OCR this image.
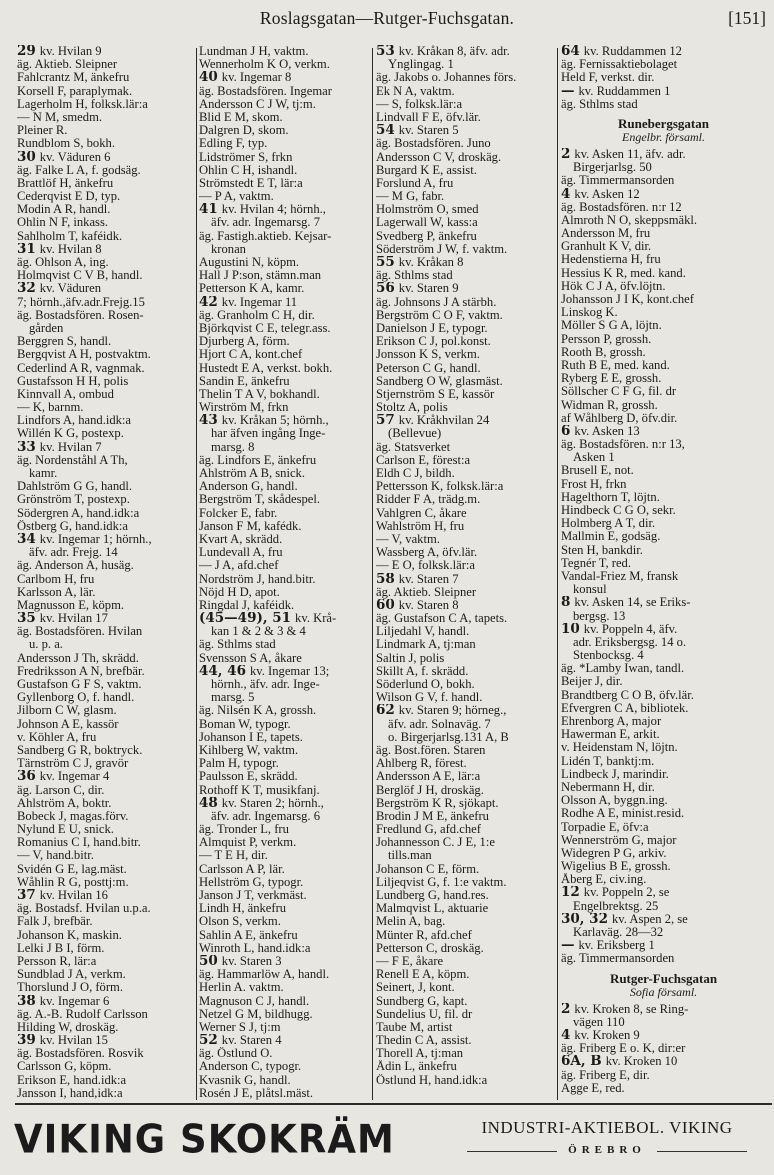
Roslagsgatan—Rutger-Fuchsgatan.	[151]
29 kv. Hvilan 9
äg. Aktieb. Sleipner
Fahlcrantz M, änkefru
Korsell F, paraplymak.
Lagerholm H, folksk.lär:a
— N M, smedm.
Pleiner R.
Rundblom S, bokh.
30 kv. Väduren 6
äg. Falke L A, f. godsäg.
Brattlöf H, änkefru
Cederqvist E D, typ.
Modin A R, handl.
Ohlin N F, inkass.
Sahlholm T, kaféidk.
31 kv. Hvilan 8
äg. Ohlson A, ing.
Holmqvist C V B, handl.
32 kv. Väduren
7; hörnh.,äfv.adr.Frejg.15
äg. Bostadsfören. Rosen-
gården
Berggren S, handl.
Bergqvist A H, postvaktm.
Cederlind A R, vagnmak.
Gustafsson H H, polis
Kinnvall A, ombud
— K, barnm.
Lindfors A, hand.idk:a
Willén K G, postexp.
33 kv. Hvilan 7
äg. Nordenståhl A Th,
kamr.
Dahlström G G, handl.
Grönström T, postexp.
Södergren A, hand.idk:a
Östberg G, hand.idk:a
34 kv. Ingemar 1; hörnh.,
äfv. adr. Frejg. 14
äg. Anderson A, husäg.
Carlbom H, fru
Karlsson A, lär.
Magnusson E, köpm.
35 kv. Hvilan 17
äg. Bostadsfören. Hvilan
u. p. a.
Andersson J Th, skrädd.
Fredriksson A N, brefbär.
Gustafson G F S, vaktm.
Gyllenborg O, f. handl.
Jilborn C W, glasm.
Johnson A E, kassör
v. Köhler A, fru
Sandberg G R, boktryck.
Tärnström C J, gravör
36 kv. Ingemar 4
äg. Larson C, dir.
Ahlström A, boktr.
Bobeck J, magas.förv.
Nylund E U, snick.
Romanius C I, hand.bitr.
— V, hand.bitr.
Svidén G E, lag.mäst.
Wåhlin R G, posttj:m.
37 kv. Hvilan 16
äg. Bostadsf. Hvilan u.p.a.
Falk J, brefbär.
Johanson K, maskin.
Lelki J B I, förm.
Persson R, lär:a
Sundblad J A, verkm.
Thorslund J O, förm.
38 kv. Ingemar 6
äg. A.-B. Rudolf Carlsson
Hilding W, droskäg.
39 kv. Hvilan 15
äg. Bostadsfören. Rosvik
Carlsson G, köpm.
Erikson E, hand.idk:a
Jansson I, hand,idk:a
Lundman J H, vaktm.
Wennerholm K O, verkm.
40 kv. Ingemar 8
äg. Bostadsfören. Ingemar
Andersson C J W, tj:m.
Blid E M, skom.
Dalgren D, skom.
Edling F, typ.
Lidströmer S, frkn
Ohlin C H, ishandl.
Strömstedt E T, lär:a
— P A, vaktm.
41 kv. Hvilan 4; hörnh.,
äfv. adr. Ingemarsg. 7
äg. Fastigh.aktieb. Kejsar-
kronan
Augustini N, köpm.
Hall J P:son, stämn.man
Petterson K A, kamr.
42 kv. Ingemar 11
äg. Granholm C H, dir.
Björkqvist C E, telegr.ass.
Djurberg A, förm.
Hjort C A, kont.chef
Hustedt E A, verkst. bokh.
Sandin E, änkefru
Thelin T A V, bokhandl.
Wirström M, frkn
43 kv. Kråkan 5; hörnh.,
har äfven ingång Inge-
marsg. 8
äg. Lindfors E, änkefru
Ahlström A B, snick.
Anderson G, handl.
Bergström T, skådespel.
Folcker E, fabr.
Janson F M, kafédk.
Kvart A, skrädd.
Lundevall A, fru
— J A, afd.chef
Nordström J, hand.bitr.
Nöjd H D, apot.
Ringdal J, kaféidk.
(45—49), 51 kv. Krå-
kan 1 & 2 & 3 & 4
äg. Sthlms stad
Svensson S A, åkare
44, 46 kv. Ingemar 13;
hörnh., äfv. adr. Inge-
marsg. 5
äg. Nilsén K A, grossh.
Boman W, typogr.
Johanson I E, tapets.
Kihlberg W, vaktm.
Palm H, typogr.
Paulsson E, skrädd.
Rothoff K T, musikfanj.
48 kv. Staren 2; hörnh.,
äfv. adr. Ingemarsg. 6
äg. Tronder L, fru
Almquist P, verkm.
— T E H, dir.
Carlsson A P, lär.
Hellström G, typogr.
Janson J T, verkmäst.
Lindh H, änkefru
Olson S, verkm.
Sahlin A E, änkefru
Winroth L, hand.idk:a
50 kv. Staren 3
äg. Hammarlöw A, handl.
Herlin A. vaktm.
Magnuson C J, handl.
Netzel G M, bildhugg.
Werner S J, tj:m
52 kv. Staren 4
äg. Östlund O.
Anderson C, typogr.
Kvasnik G, handl.
Rosén J E, plåtsl.mäst.
53 kv. Kråkan 8, äfv. adr.
Ynglingag. 1
äg. Jakobs o. Johannes förs.
Ek N A, vaktm.
— S, folksk.lär:a
Lindvall F E, öfv.lär.
54 kv. Staren 5
äg. Bostadsfören. Juno
Andersson C V, droskäg.
Burgard K E, assist.
Forslund A, fru
— M G, fabr.
Holmström O, smed
Lagerwall W, kass:a
Svedberg P, änkefru
Söderström J W, f. vaktm.
55 kv. Kråkan 8
äg. Sthlms stad
56 kv. Staren 9
äg. Johnsons J A stärbh.
Bergström C O F, vaktm.
Danielson J E, typogr.
Erikson C J, pol.konst.
Jonsson K S, verkm.
Peterson C G, handl.
Sandberg O W, glasmäst.
Stjernström S E, kassör
Stoltz A, polis
57 kv. Kråkhvilan 24
(Bellevue)
äg. Statsverket
Carlson E, förest:a
Eldh C J, bildh.
Pettersson K, folksk.lär:a
Ridder F A, trädg.m.
Vahlgren C, åkare
Wahlström H, fru
— V, vaktm.
Wassberg A, öfv.lär.
— E O, folksk.lär:a
58 kv. Staren 7
äg. Aktieb. Sleipner
60 kv. Staren 8
äg. Gustafson C A, tapets.
Liljedahl V, handl.
Lindmark A, tj:man
Saltin J, polis
Skillt A, f. skrädd.
Söderlund O, bokh.
Wilson G V, f. handl.
62 kv. Staren 9; hörneg.,
äfv. adr. Solnaväg. 7
o. Birgerjarlsg.131 A, B
äg. Bost.fören. Staren
Ahlberg R, förest.
Andersson A E, lär:a
Berglöf J H, droskäg.
Bergström K R, sjökapt.
Brodin J M E, änkefru
Fredlund G, afd.chef
Johannesson C. J E, 1:e
tills.man
Johanson C E, förm.
Liljeqvist G, f. 1:e vaktm.
Lundberg G, hand.res.
Malmqvist L, aktuarie
Melin A, bag.
Münter R, afd.chef
Petterson C, droskäg.
— F E, åkare
Renell E A, köpm.
Seinert, J, kont.
Sundberg G, kapt.
Sundelius U, fil. dr
Taube M, artist
Thedin C A, assist.
Thorell A, tj:man
Ådin L, änkefru
Östlund H, hand.idk:a
64 kv. Ruddammen 12
äg. Fernissaktiebolaget
Held F, verkst. dir.
— kv. Ruddammen 1
äg. Sthlms stad
Runebergsgatan
Engelbr. församl.
2 kv. Asken 11, äfv. adr.
Birgerjarlsg. 50
äg. Timmermansorden
4 kv. Asken 12
äg. Bostadsfören. n:r 12
Almroth N O, skeppsmäkl.
Andersson M, fru
Granhult K V, dir.
Hedenstierna H, fru
Hessius K R, med. kand.
Hök C J A, öfv.löjtn.
Johansson J I K, kont.chef
Linskog K.
Möller S G A, löjtn.
Persson P, grossh.
Rooth B, grossh.
Ruth B E, med. kand.
Ryberg E E, grossh.
Söllscher C F G, fil. dr
Widman R, grossh.
af Wåhlberg D, öfv.dir.
6 kv. Asken 13
äg. Bostadsfören. n:r 13,
Asken 1
Brusell E, not.
Frost H, frkn
Hagelthorn T, löjtn.
Hindbeck C G O, sekr.
Holmberg A T, dir.
Mallmin E, godsäg.
Sten H, bankdir.
Tegnér T, red.
Vandal-Friez M, fransk
konsul
8 kv. Asken 14, se Eriks-
bergsg. 13
10 kv. Poppeln 4, äfv.
adr. Eriksbergsg. 14 o.
Stenbocksg. 4
äg. *Lamby Iwan, tandl.
Beijer J, dir.
Brandtberg C O B, öfv.lär.
Efvergren C A, bibliotek.
Ehrenborg A, major
Hawerman E, arkit.
v. Heidenstam N, löjtn.
Lidén T, banktj:m.
Lindbeck J, marindir.
Nebermann H, dir.
Olsson A, byggn.ing.
Rodhe A E, minist.resid.
Torpadie E, öfv:a
Wennerström G, major
Widegren P G, arkiv.
Wigelius B E, grossh.
Åberg E, civ.ing.
12 kv. Poppeln 2, se
Engelbrektsg. 25
30, 32 kv. Aspen 2, se
Karlaväg. 28—32
— kv. Eriksberg 1
äg. Timmermansorden
Rutger-Fuchsgatan
Sofia församl.
2 kv. Kroken 8, se Ring-
vägen 110
4 kv. Kroken 9
äg. Friberg E o. K, dir:er
6A, B kv. Kroken 10
äg. Friberg E, dir.
Agge E, red.
VIKING SKOKRÄM	INDUSTRI-AKTIEBOL. VIKING
ÖREBRO
